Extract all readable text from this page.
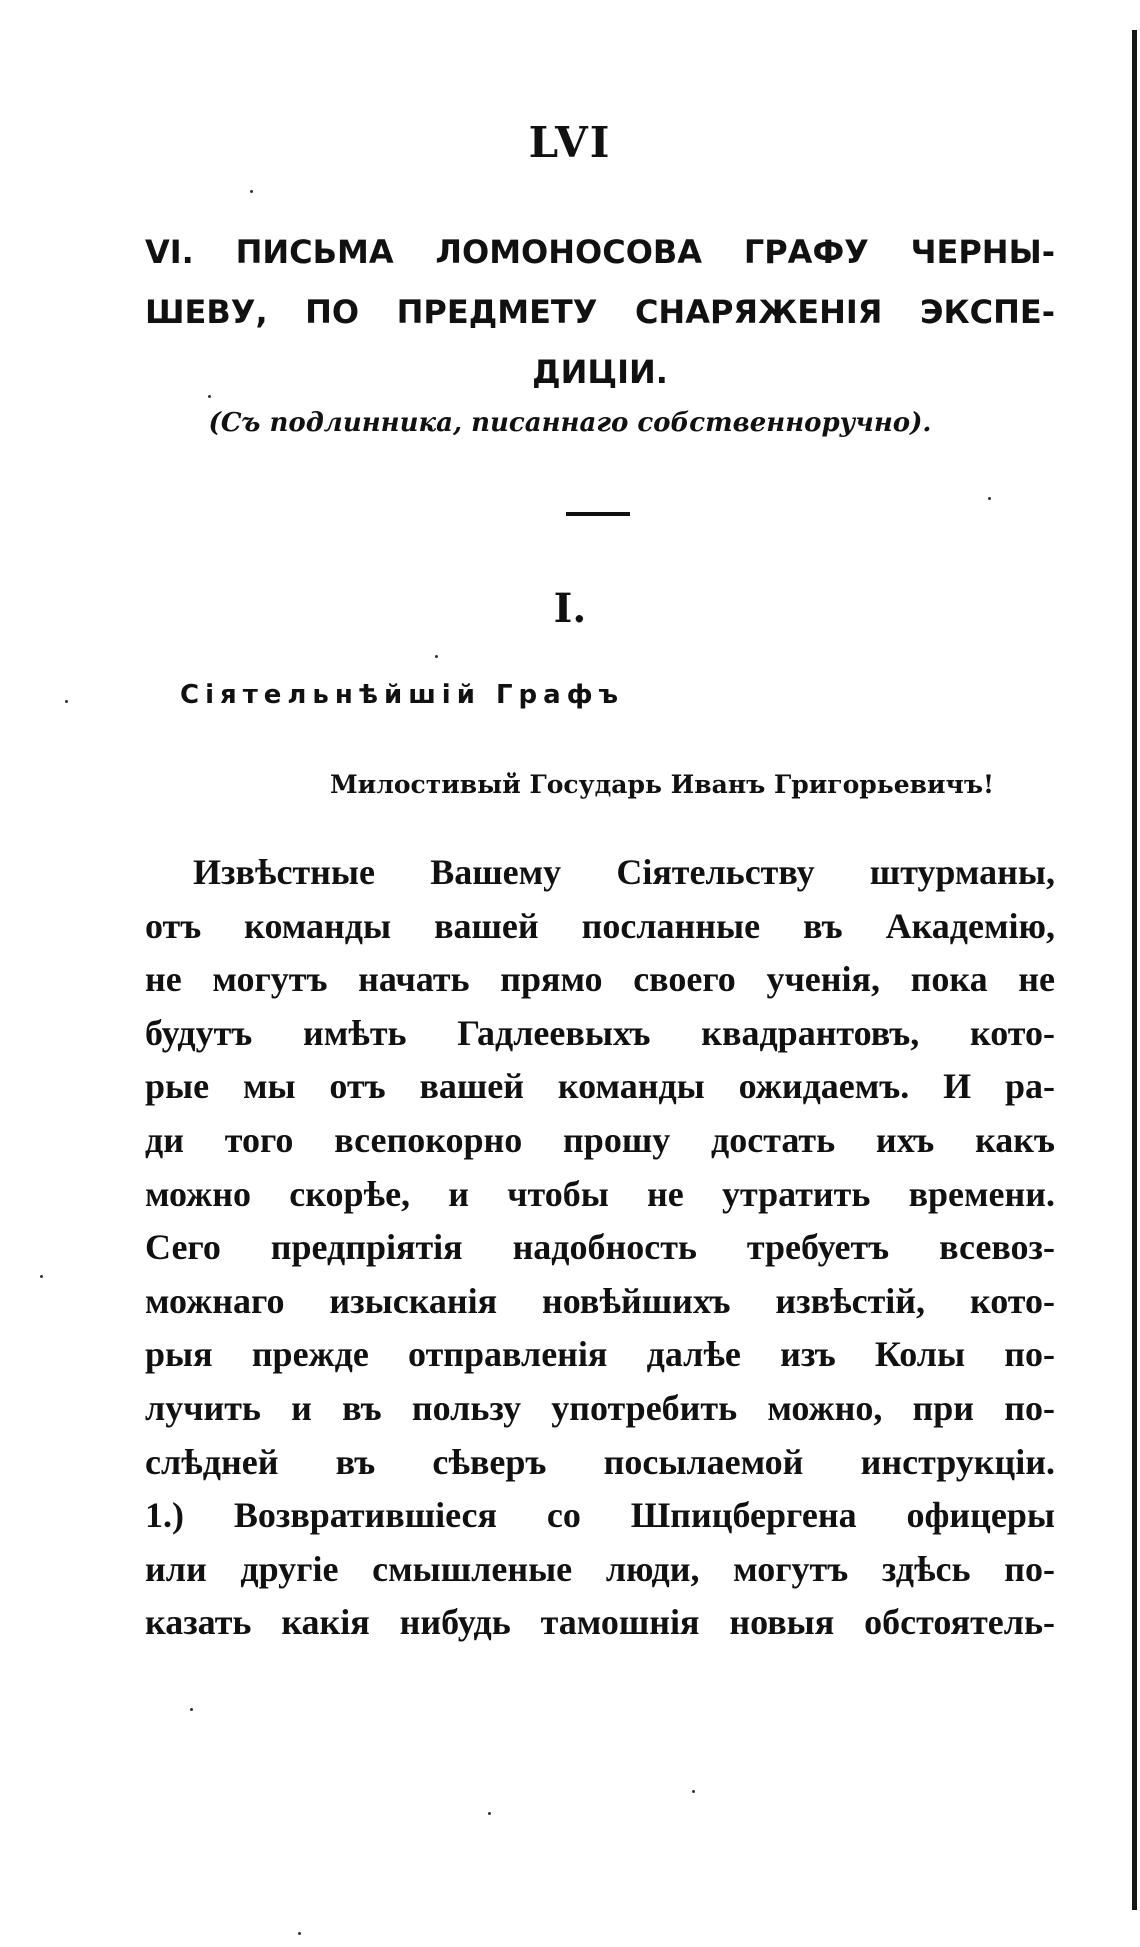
LVI
VI. ПИСЬМА ЛОМОНОСОВА ГРАФУ ЧЕРНЫ-ШЕВУ, ПО ПРЕДМЕТУ СНАРЯЖЕНІЯ ЭКСПЕ-ДИЦІИ.
(Съ подлинника, писаннаго собственноручно).
I.
Сіятельнѣйшій Графъ
Милостивый Государь Иванъ Григорьевичъ!
Извѣстные Вашему Сіятельству штурманы,
отъ команды вашей посланные въ Академію,
не могутъ начать прямо своего ученія, пока не
будутъ имѣть Гадлеевыхъ квадрантовъ, кото-
рые мы отъ вашей команды ожидаемъ. И ра-
ди того всепокорно прошу достать ихъ какъ
можно скорѣе, и чтобы не утратить времени.
Сего предпріятія надобность требуетъ всевоз-
можнаго изысканія новѣйшихъ извѣстій, кото-
рыя прежде отправленія далѣе изъ Колы по-
лучить и въ пользу употребить можно, при по-
слѣдней въ сѣверъ посылаемой инструкціи.
1.) Возвратившіеся со Шпицбергена офицеры
или другіе смышленые люди, могутъ здѣсь по-
казать какія нибудь тамошнія новыя обстоятель-
